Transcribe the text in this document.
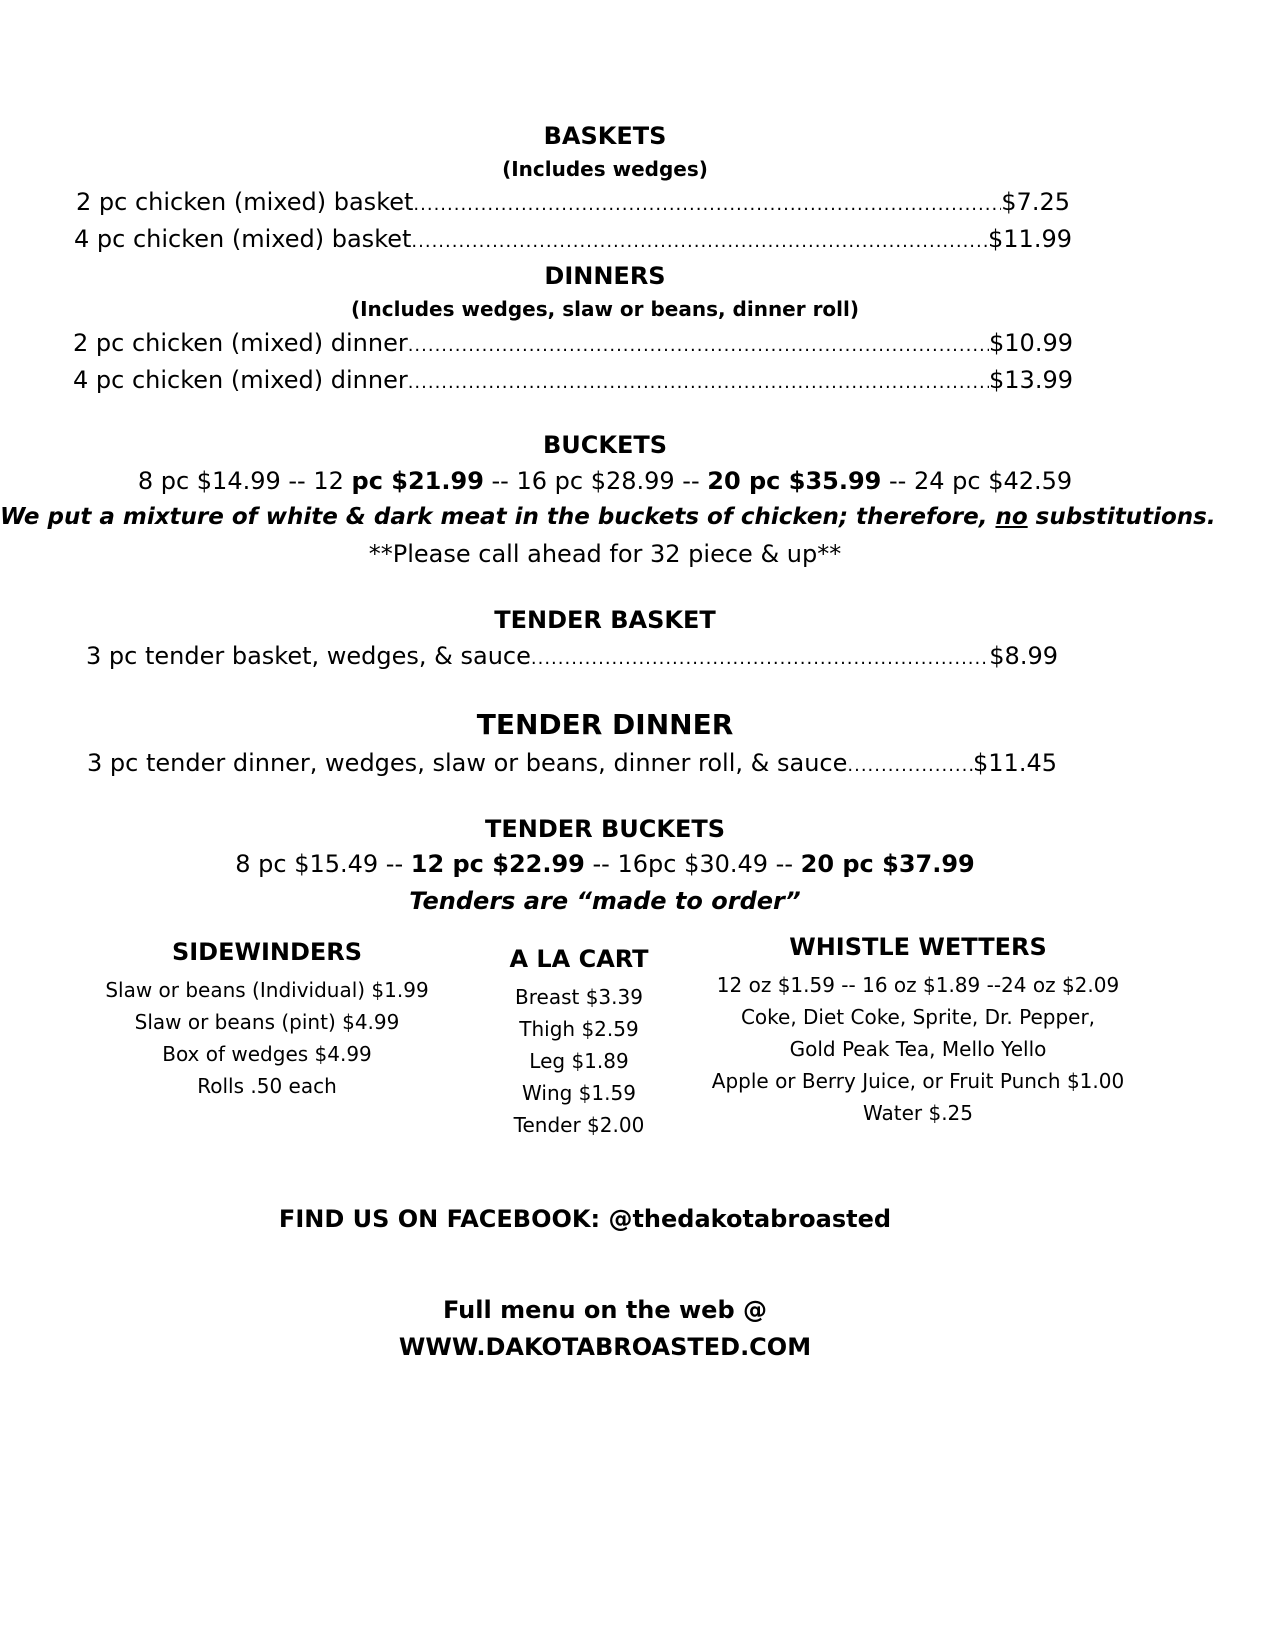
BASKETS
(Includes wedges)
2 pc chicken (mixed) basket .....	$7.25
4 pc chicken (mixed) basket .....	$11.99
DINNERS
(Includes wedges, slaw or beans, dinner roll)
2 pc chicken (mixed) dinner .....	$10.99
4 pc chicken (mixed) dinner .....	$13.99
BUCKETS
8 pc $14.99 -- 12 pc $21.99 -- 16 pc $28.99 -- 20 pc $35.99 -- 24 pc $42.59
We put a mixture of white & dark meat in the buckets of chicken; therefore, no substitutions.
**Please call ahead for 32 piece & up**
TENDER BASKET
3 pc tender basket, wedges, & sauce .....	$8.99
TENDER DINNER
3 pc tender dinner, wedges, slaw or beans, dinner roll, & sauce .....	$11.45
TENDER BUCKETS
8 pc $15.49 -- 12 pc $22.99 -- 16pc $30.49 -- 20 pc $37.99
Tenders are “made to order”
SIDEWINDERS
Slaw or beans (Individual) $1.99
Slaw or beans (pint) $4.99
Box of wedges $4.99
Rolls .50 each
A LA CART
Breast $3.39
Thigh $2.59
Leg $1.89
Wing $1.59
Tender $2.00
WHISTLE WETTERS
12 oz $1.59 -- 16 oz $1.89 --24 oz $2.09
Coke, Diet Coke, Sprite, Dr. Pepper,
Gold Peak Tea, Mello Yello
Apple or Berry Juice, or Fruit Punch $1.00
Water $.25
FIND US ON FACEBOOK: @thedakotabroasted
Full menu on the web @
WWW.DAKOTABROASTED.COM
